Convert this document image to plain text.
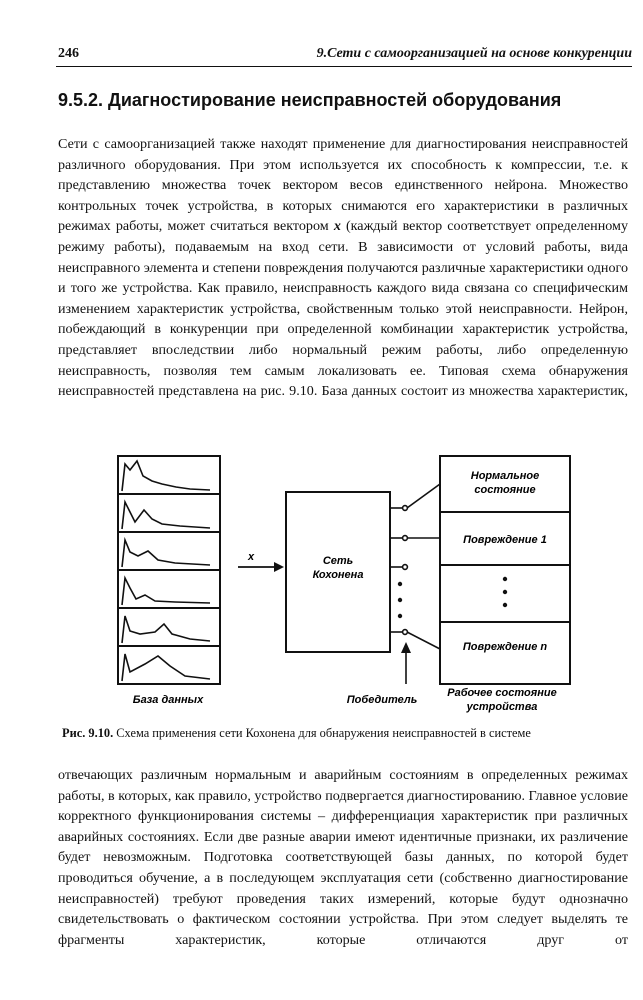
246	9.Сети с самоорганизацией на основе конкуренции
9.5.2. Диагностирование неисправностей оборудования

Сети с самоорганизацией также находят применение для диагностирования неисправностей различного оборудования. При этом используется их способность к компрессии, т.е. к представлению множества точек вектором весов единственного нейрона. Множество контрольных точек устройства, в которых снимаются его характеристики в различных режимах работы, может считаться вектором x (каждый вектор соответствует определенному режиму работы), подаваемым на вход сети. В зависимости от условий работы, вида неисправного элемента и степени повреждения получаются различные характеристики одного и того же устройства. Как правило, неисправность каждого вида связана со специфическим изменением характеристик устройства, свойственным только этой неисправности. Нейрон, побеждающий в конкуренции при определенной комбинации характеристик устройства, представляет впоследствии либо нормальный режим работы, либо определенную неисправность, позволяя тем самым локализовать ее. Типовая схема обнаружения неисправностей представлена на рис. 9.10. База данных состоит из множества характеристик,

x	Сеть
Кохонена
Нормальное
состояние
Повреждение 1
Повреждение n
База данных	Победитель
Рабочее состояние
устройства

Рис. 9.10. Схема применения сети Кохонена для обнаружения неисправностей в системе

отвечающих различным нормальным и аварийным состояниям в определенных режимах работы, в которых, как правило, устройство подвергается диагностированию. Главное условие корректного функционирования системы – дифференциация характеристик при различных аварийных состояниях. Если две разные аварии имеют идентичные признаки, их различение будет невозможным. Подготовка соответствующей базы данных, по которой будет проводиться обучение, а в последующем эксплуатация сети (собственно диагностирование неисправностей) требуют проведения таких измерений, которые будут однозначно свидетельствовать о фактическом состоянии устройства. При этом следует выделять те фрагменты характеристик, которые отличаются друг от
